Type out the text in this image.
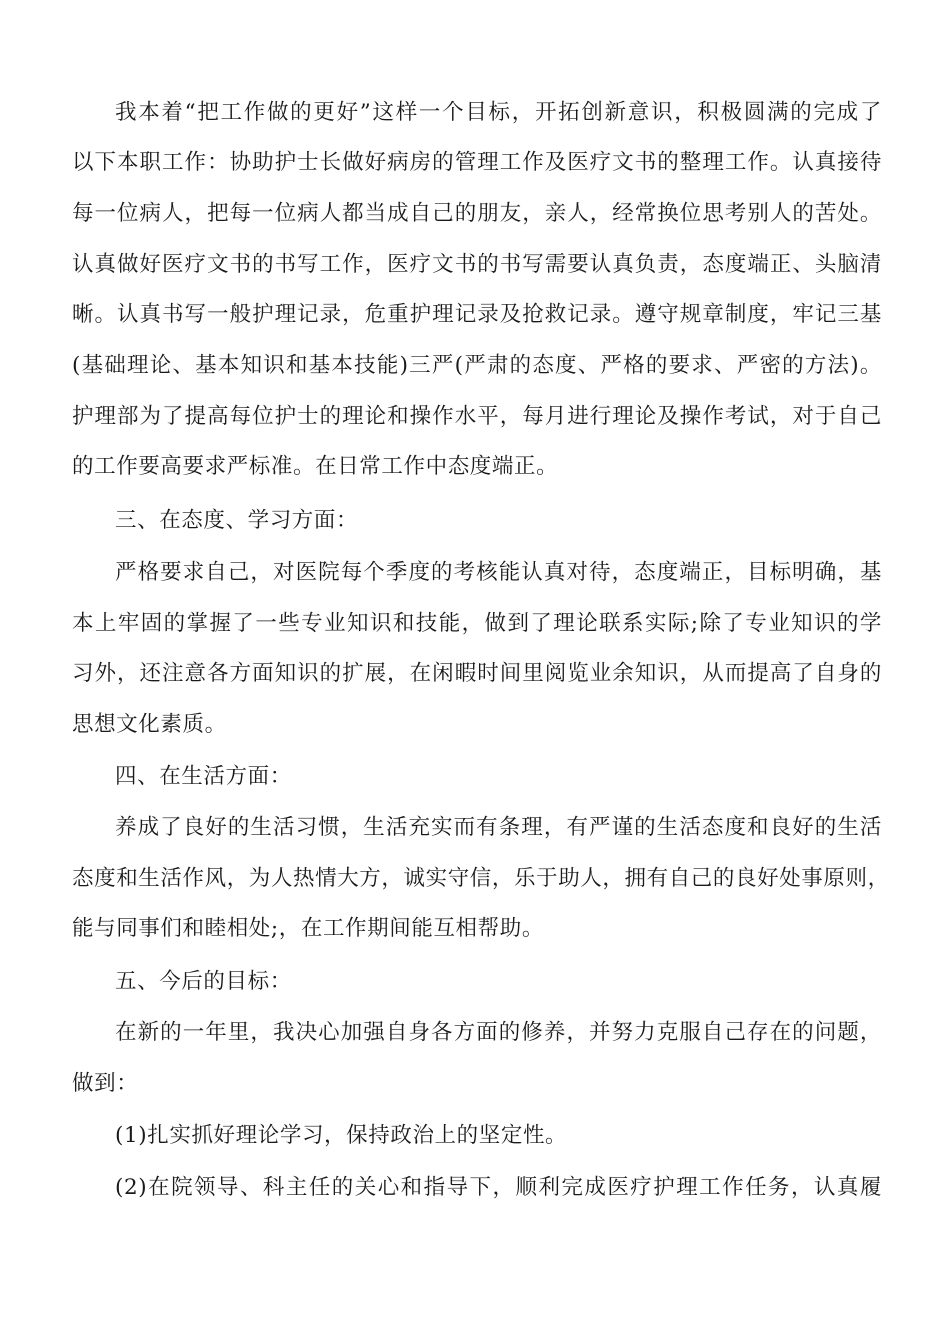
我本着“把工作做的更好”这样一个目标，开拓创新意识，积极圆满的完成了

以下本职工作：协助护士长做好病房的管理工作及医疗文书的整理工作。认真接待

每一位病人，把每一位病人都当成自己的朋友，亲人，经常换位思考别人的苦处。

认真做好医疗文书的书写工作，医疗文书的书写需要认真负责，态度端正、头脑清

晰。认真书写一般护理记录，危重护理记录及抢救记录。遵守规章制度，牢记三基

(基础理论、基本知识和基本技能)三严(严肃的态度、严格的要求、严密的方法)。

护理部为了提高每位护士的理论和操作水平，每月进行理论及操作考试，对于自己

的工作要高要求严标准。在日常工作中态度端正。

三、在态度、学习方面：

严格要求自己，对医院每个季度的考核能认真对待，态度端正，目标明确，基

本上牢固的掌握了一些专业知识和技能，做到了理论联系实际;除了专业知识的学

习外，还注意各方面知识的扩展，在闲暇时间里阅览业余知识，从而提高了自身的

思想文化素质。

四、在生活方面：

养成了良好的生活习惯，生活充实而有条理，有严谨的生活态度和良好的生活

态度和生活作风，为人热情大方，诚实守信，乐于助人，拥有自己的良好处事原则，

能与同事们和睦相处;，在工作期间能互相帮助。

五、今后的目标：

在新的一年里，我决心加强自身各方面的修养，并努力克服自己存在的问题，

做到：

(1)扎实抓好理论学习，保持政治上的坚定性。

(2)在院领导、科主任的关心和指导下，顺利完成医疗护理工作任务，认真履
